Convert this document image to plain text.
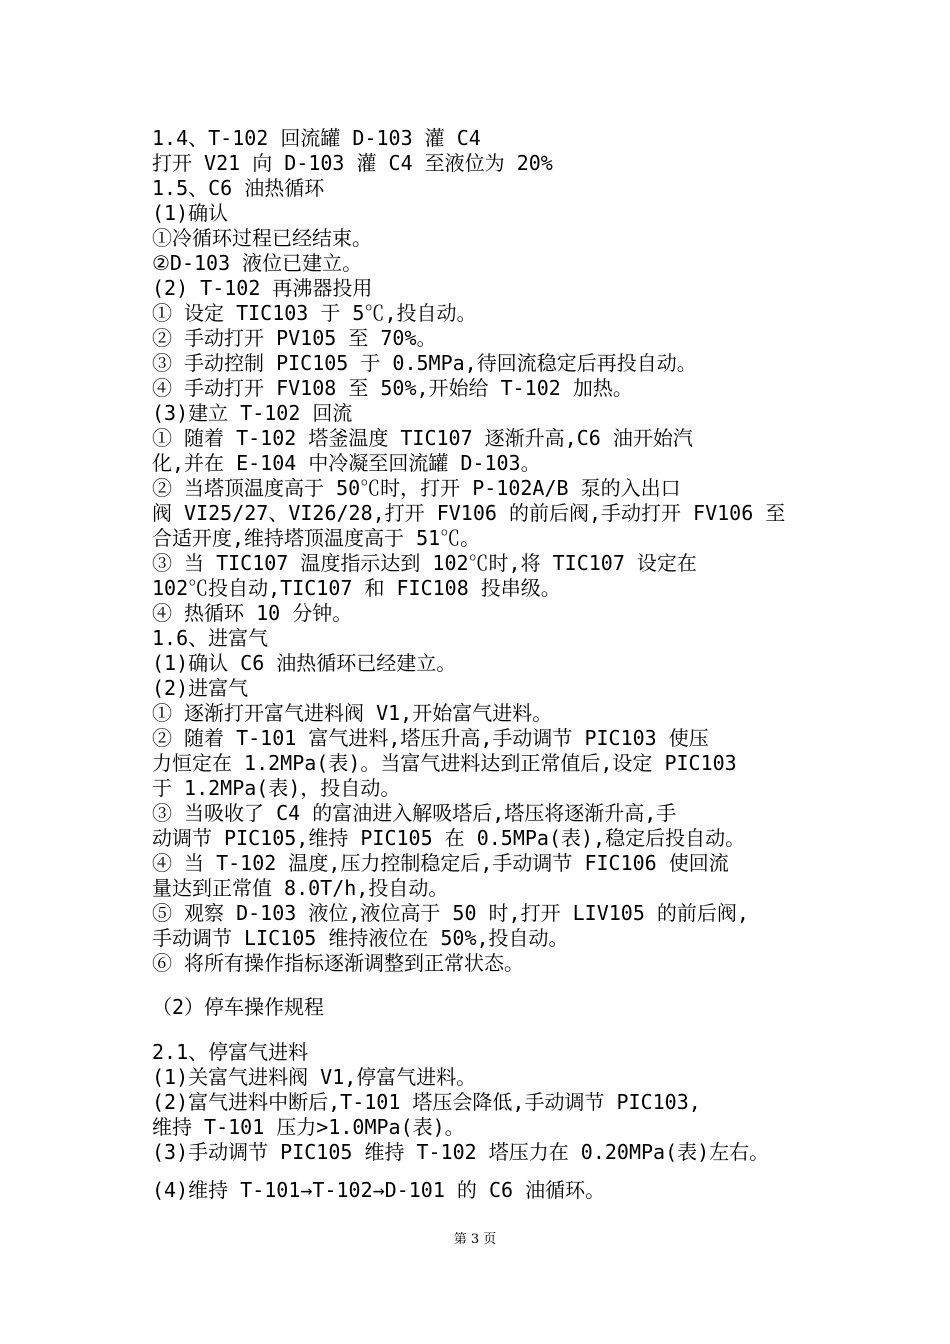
1.4、T-102 回流罐 D-103 灌 C4
打开 V21 向 D-103 灌 C4 至液位为 20%
1.5、C6 油热循环
(1)确认
①冷循环过程已经结束。
②D-103 液位已建立。
(2) T-102 再沸器投用
① 设定 TIC103 于 5℃,投自动。
② 手动打开 PV105 至 70%。
③ 手动控制 PIC105 于 0.5MPa,待回流稳定后再投自动。
④ 手动打开 FV108 至 50%,开始给 T-102 加热。
(3)建立 T-102 回流
① 随着 T-102 塔釜温度 TIC107 逐渐升高,C6 油开始汽
化,并在 E-104 中冷凝至回流罐 D-103。
② 当塔顶温度高于 50℃时，打开 P-102A/B 泵的入出口
阀 VI25/27、VI26/28,打开 FV106 的前后阀,手动打开 FV106 至
合适开度,维持塔顶温度高于 51℃。
③ 当 TIC107 温度指示达到 102℃时,将 TIC107 设定在
102℃投自动,TIC107 和 FIC108 投串级。
④ 热循环 10 分钟。
1.6、进富气
(1)确认 C6 油热循环已经建立。
(2)进富气
① 逐渐打开富气进料阀 V1,开始富气进料。
② 随着 T-101 富气进料,塔压升高,手动调节 PIC103 使压
力恒定在 1.2MPa(表)。当富气进料达到正常值后,设定 PIC103
于 1.2MPa(表)，投自动。
③ 当吸收了 C4 的富油进入解吸塔后,塔压将逐渐升高,手
动调节 PIC105,维持 PIC105 在 0.5MPa(表),稳定后投自动。
④ 当 T-102 温度,压力控制稳定后,手动调节 FIC106 使回流
量达到正常值 8.0T/h,投自动。
⑤ 观察 D-103 液位,液位高于 50 时,打开 LIV105 的前后阀,
手动调节 LIC105 维持液位在 50%,投自动。
⑥ 将所有操作指标逐渐调整到正常状态。
（2）停车操作规程
2.1、停富气进料
(1)关富气进料阀 V1,停富气进料。
(2)富气进料中断后,T-101 塔压会降低,手动调节 PIC103,
维持 T-101 压力>1.0MPa(表)。
(3)手动调节 PIC105 维持 T-102 塔压力在 0.20MPa(表)左右。
(4)维持 T-101→T-102→D-101 的 C6 油循环。
第 3 页
